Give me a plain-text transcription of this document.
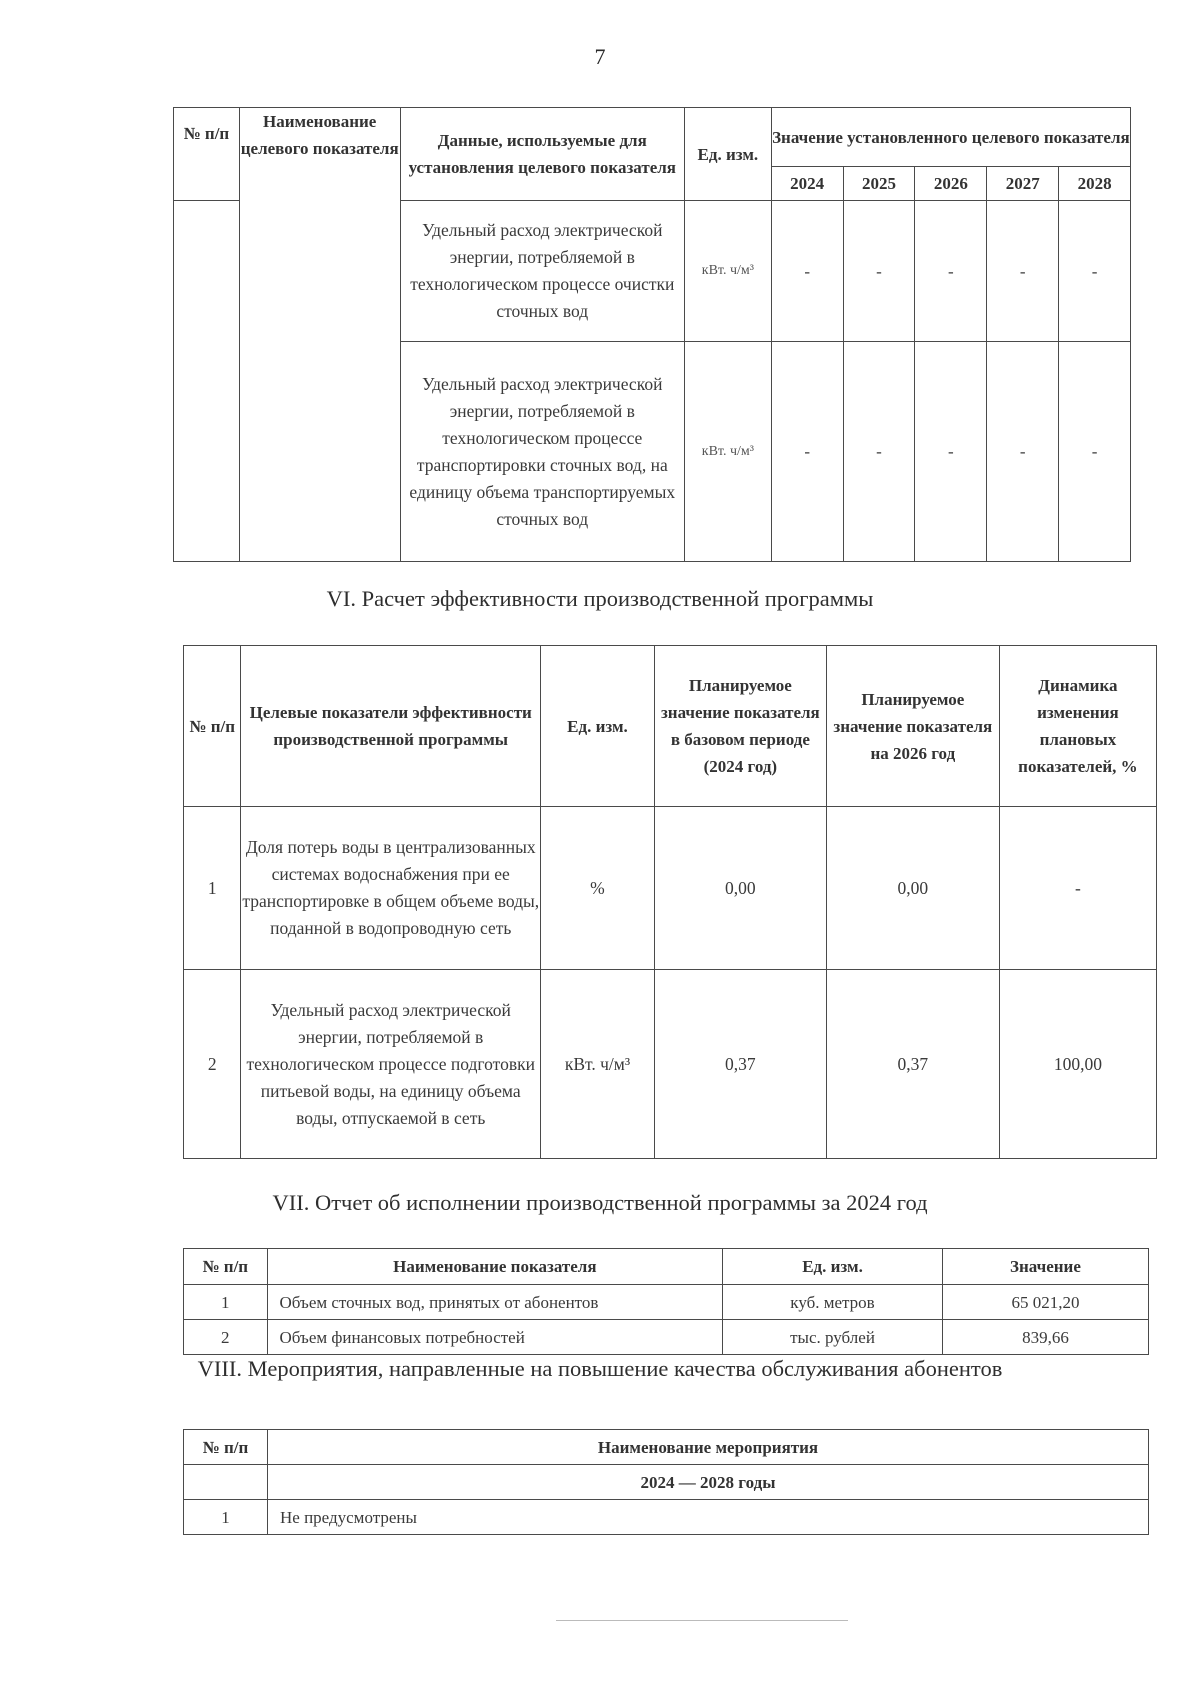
7
№ п/п	Наименование целевого показателя	Данные, используемые для установления целевого показателя	Ед. изм.	Значение установленного целевого показателя				
				2024	2025	2026	2027	2028
		Удельный расход электрической энергии, потребляемой в технологическом процессе очистки сточных вод	кВт. ч/м³	-	-	-	-	-
		Удельный расход электрической энергии, потребляемой в технологическом процессе транспортировки сточных вод, на единицу объема транспортируемых сточных вод	кВт. ч/м³	-	-	-	-	-
VI. Расчет эффективности производственной программы
№ п/п	Целевые показатели эффективности производственной программы	Ед. изм.	Планируемое значение показателя в базовом периоде (2024 год)	Планируемое значение показателя на 2026 год	Динамика изменения плановых показателей, %
1	Доля потерь воды в централизованных системах водоснабжения при ее транспортировке в общем объеме воды, поданной в водопроводную сеть	%	0,00	0,00	-
2	Удельный расход электрической энергии, потребляемой в технологическом процессе подготовки питьевой воды, на единицу объема воды, отпускаемой в сеть	кВт. ч/м³	0,37	0,37	100,00
VII. Отчет об исполнении производственной программы за 2024 год
№ п/п	Наименование показателя	Ед. изм.	Значение
1	Объем сточных вод, принятых от абонентов	куб. метров	65 021,20
2	Объем финансовых потребностей	тыс. рублей	839,66
VIII. Мероприятия, направленные на повышение качества обслуживания абонентов
№ п/п	Наименование мероприятия
	2024 — 2028 годы
1	Не предусмотрены
